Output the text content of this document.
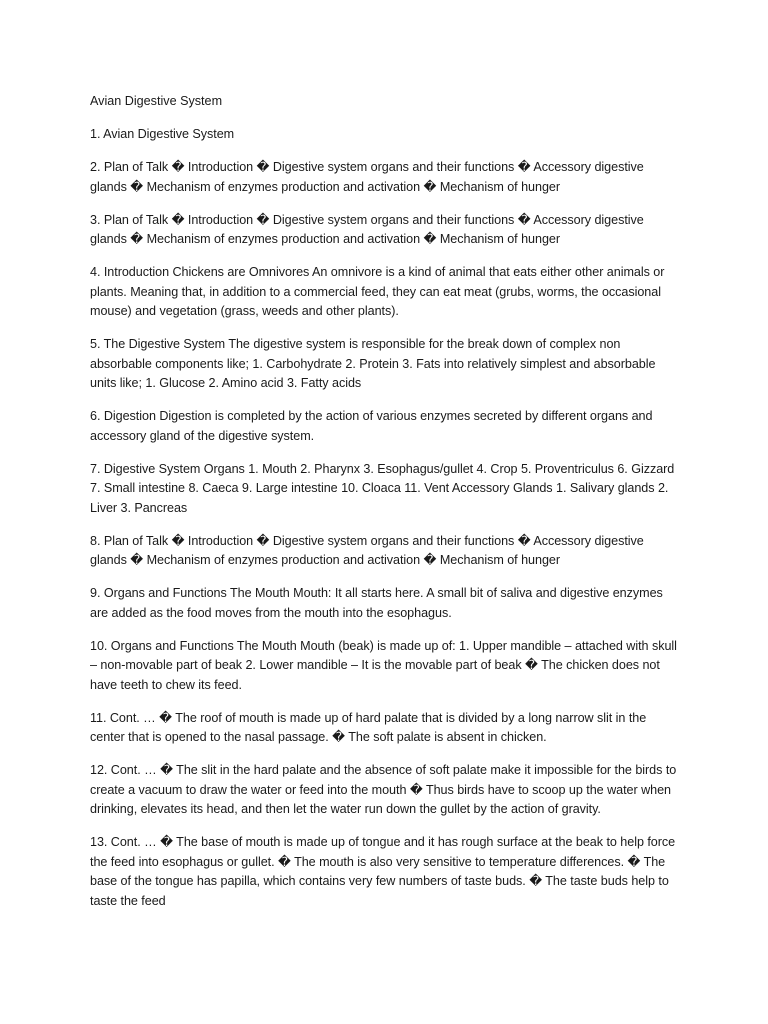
Avian Digestive System

1. Avian Digestive System

2. Plan of Talk � Introduction � Digestive system organs and their functions � Accessory digestive glands � Mechanism of enzymes production and activation � Mechanism of hunger

3. Plan of Talk � Introduction � Digestive system organs and their functions � Accessory digestive glands � Mechanism of enzymes production and activation � Mechanism of hunger

4. Introduction Chickens are Omnivores An omnivore is a kind of animal that eats either other animals or plants. Meaning that, in addition to a commercial feed, they can eat meat (grubs, worms, the occasional mouse) and vegetation (grass, weeds and other plants).

5. The Digestive System The digestive system is responsible for the break down of complex non absorbable components like; 1. Carbohydrate 2. Protein 3. Fats into relatively simplest and absorbable units like; 1. Glucose 2. Amino acid 3. Fatty acids

6. Digestion Digestion is completed by the action of various enzymes secreted by different organs and accessory gland of the digestive system.

7. Digestive System Organs 1. Mouth 2. Pharynx 3. Esophagus/gullet 4. Crop 5. Proventriculus 6. Gizzard 7. Small intestine 8. Caeca 9. Large intestine 10. Cloaca 11. Vent Accessory Glands 1. Salivary glands 2. Liver 3. Pancreas

8. Plan of Talk � Introduction � Digestive system organs and their functions � Accessory digestive glands � Mechanism of enzymes production and activation � Mechanism of hunger

9. Organs and Functions The Mouth Mouth: It all starts here. A small bit of saliva and digestive enzymes are added as the food moves from the mouth into the esophagus.

10. Organs and Functions The Mouth Mouth (beak) is made up of: 1. Upper mandible – attached with skull – non-movable part of beak 2. Lower mandible – It is the movable part of beak � The chicken does not have teeth to chew its feed.

11. Cont. … � The roof of mouth is made up of hard palate that is divided by a long narrow slit in the center that is opened to the nasal passage. � The soft palate is absent in chicken.

12. Cont. … � The slit in the hard palate and the absence of soft palate make it impossible for the birds to create a vacuum to draw the water or feed into the mouth � Thus birds have to scoop up the water when drinking, elevates its head, and then let the water run down the gullet by the action of gravity.

13. Cont. … � The base of mouth is made up of tongue and it has rough surface at the beak to help force the feed into esophagus or gullet. � The mouth is also very sensitive to temperature differences. � The base of the tongue has papilla, which contains very few numbers of taste buds. � The taste buds help to taste the feed
